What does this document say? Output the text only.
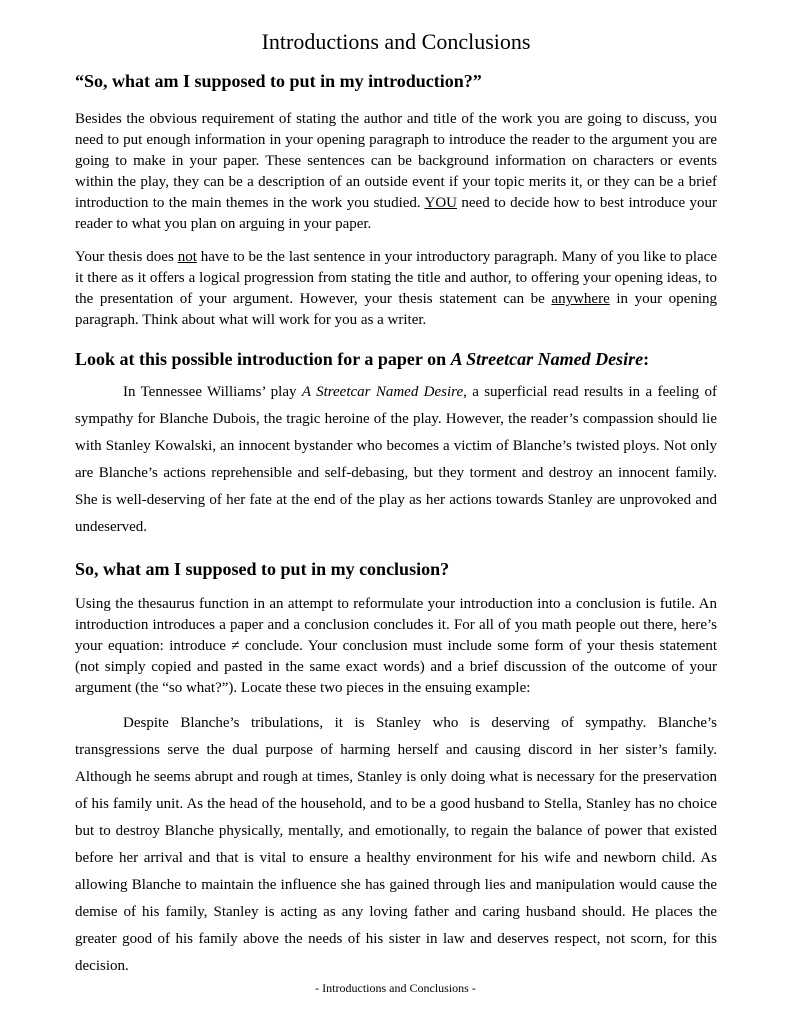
Introductions and Conclusions
“So, what am I supposed to put in my introduction?”

Besides the obvious requirement of stating the author and title of the work you are going to discuss, you need to put enough information in your opening paragraph to introduce the reader to the argument you are going to make in your paper. These sentences can be background information on characters or events within the play, they can be a description of an outside event if your topic merits it, or they can be a brief introduction to the main themes in the work you studied. YOU need to decide how to best introduce your reader to what you plan on arguing in your paper.

Your thesis does not have to be the last sentence in your introductory paragraph. Many of you like to place it there as it offers a logical progression from stating the title and author, to offering your opening ideas, to the presentation of your argument. However, your thesis statement can be anywhere in your opening paragraph. Think about what will work for you as a writer.

Look at this possible introduction for a paper on A Streetcar Named Desire:

In Tennessee Williams’ play A Streetcar Named Desire, a superficial read results in a feeling of sympathy for Blanche Dubois, the tragic heroine of the play. However, the reader’s compassion should lie with Stanley Kowalski, an innocent bystander who becomes a victim of Blanche’s twisted ploys. Not only are Blanche’s actions reprehensible and self-debasing, but they torment and destroy an innocent family. She is well-deserving of her fate at the end of the play as her actions towards Stanley are unprovoked and undeserved.

So, what am I supposed to put in my conclusion?

Using the thesaurus function in an attempt to reformulate your introduction into a conclusion is futile. An introduction introduces a paper and a conclusion concludes it. For all of you math people out there, here’s your equation: introduce ≠ conclude. Your conclusion must include some form of your thesis statement (not simply copied and pasted in the same exact words) and a brief discussion of the outcome of your argument (the “so what?”). Locate these two pieces in the ensuing example:

Despite Blanche’s tribulations, it is Stanley who is deserving of sympathy. Blanche’s transgressions serve the dual purpose of harming herself and causing discord in her sister’s family. Although he seems abrupt and rough at times, Stanley is only doing what is necessary for the preservation of his family unit. As the head of the household, and to be a good husband to Stella, Stanley has no choice but to destroy Blanche physically, mentally, and emotionally, to regain the balance of power that existed before her arrival and that is vital to ensure a healthy environment for his wife and newborn child. As allowing Blanche to maintain the influence she has gained through lies and manipulation would cause the demise of his family, Stanley is acting as any loving father and caring husband should. He places the greater good of his family above the needs of his sister in law and deserves respect, not scorn, for this decision.

- Introductions and Conclusions -
